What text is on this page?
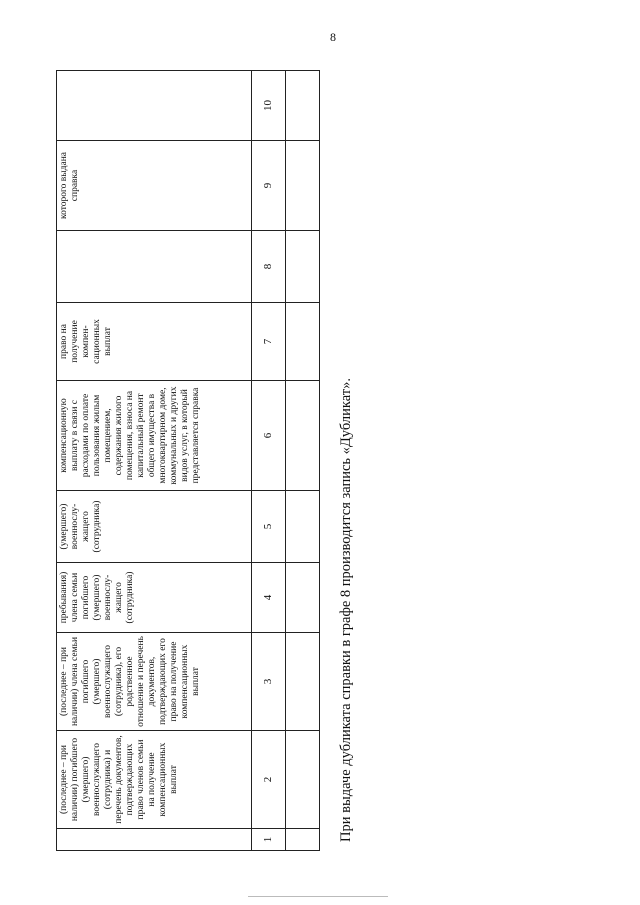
8
	(последнее – при наличии) погибшего (умершего) военнослужащего (сотрудника) и перечень документов, подтверждающих право членов семьи на получение компенсационных выплат	(последнее – при наличии) члена семьи погибшего (умершего) военнослужащего (сотрудника), его родственное отношение и перечень документов, подтверждающих его право на получение компенсационных выплат	пребывания) члена семьи погибшего (умершего) военнослу-жащего (сотрудника)	(умершего) военнослу-жащего (сотрудника)	компенсационную выплату в связи с расходами по оплате пользования жилым помещением, содержания жилого помещения, взноса на капитальный ремонт общего имущества в многоквартирном доме, коммунальных и других видов услуг, в который представляется справка	право на получение компен-сационных выплат		которого выдана справка	
1	2	3	4	5	6	7	8	9	10

При выдаче дубликата справки в графе 8 производится запись «Дубликат».
